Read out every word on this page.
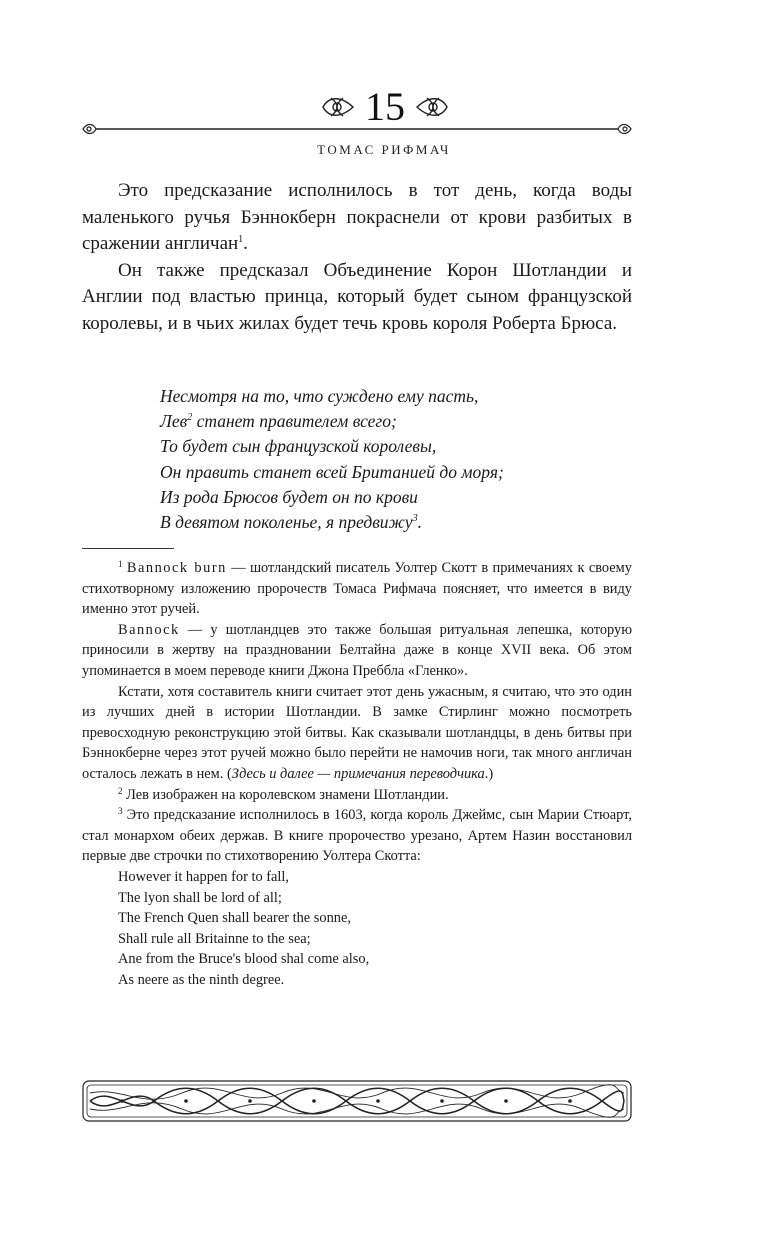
15
ТОМАС РИФМАЧ

Это предсказание исполнилось в тот день, когда воды маленького ручья Бэннокберн покраснели от крови разбитых в сражении англичан$^1$.

Он также предсказал Объединение Корон Шотландии и Англии под властью принца, который будет сыном французской королевы, и в чьих жилах будет течь кровь короля Роберта Брюса.

Несмотря на то, что суждено ему пасть,
Лев$^2$ станет правителем всего;
То будет сын французской королевы,
Он править станет всей Британией до моря;
Из рода Брюсов будет он по крови
В девятом поколенье, я предвижу$^3$.

$^1$ Bannock burn — шотландский писатель Уолтер Скотт в примечаниях к своему стихотворному изложению пророчеств Томаса Рифмача поясняет, что имеется в виду именно этот ручей.

Bannock — у шотландцев это также большая ритуальная лепешка, которую приносили в жертву на праздновании Белтайна даже в конце XVII века. Об этом упоминается в моем переводе книги Джона Преббла «Гленко».

Кстати, хотя составитель книги считает этот день ужасным, я считаю, что это один из лучших дней в истории Шотландии. В замке Стирлинг можно посмотреть превосходную реконструкцию этой битвы. Как сказывали шотландцы, в день битвы при Бэннокберне через этот ручей можно было перейти не намочив ноги, так много англичан осталось лежать в нем. (Здесь и далее — примечания переводчика.)

$^2$ Лев изображен на королевском знамени Шотландии.

$^3$ Это предсказание исполнилось в 1603, когда король Джеймс, сын Марии Стюарт, стал монархом обеих держав. В книге пророчество урезано, Артем Назин восстановил первые две строчки по стихотворению Уолтера Скотта:

However it happen for to fall,
The lyon shall be lord of all;
The French Quen shall bearer the sonne,
Shall rule all Britainne to the sea;
Ane from the Bruce's blood shal come also,
As neere as the ninth degree.
